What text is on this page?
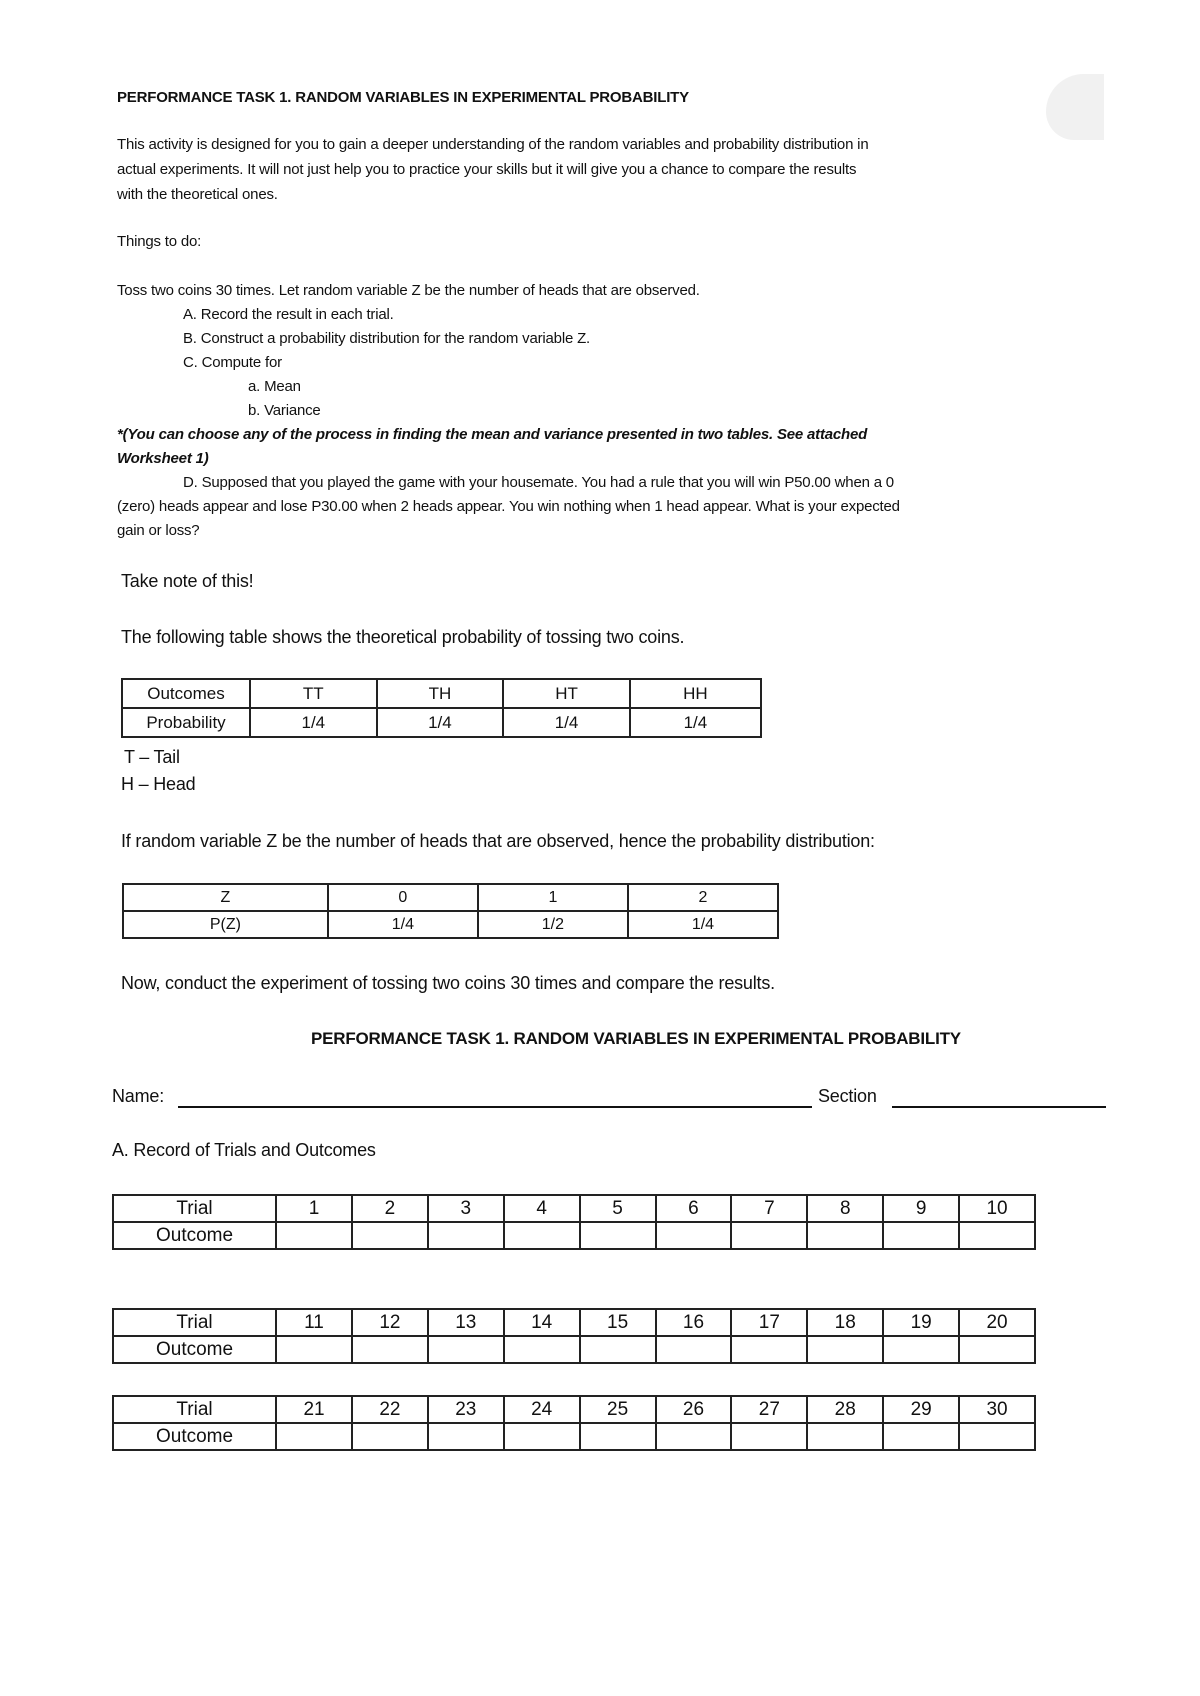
PERFORMANCE TASK 1. RANDOM VARIABLES IN EXPERIMENTAL PROBABILITY
This activity is designed for you to gain a deeper understanding of the random variables and probability distribution in
actual experiments. It will not just help you to practice your skills but it will give you a chance to compare the results
with the theoretical ones.
Things to do:
Toss two coins 30 times. Let random variable Z be the number of heads that are observed.
A. Record the result in each trial.
B. Construct a probability distribution for the random variable Z.
C. Compute for
a. Mean
b. Variance
*(You can choose any of the process in finding the mean and variance presented in two tables. See attached
Worksheet 1)
D. Supposed that you played the game with your housemate. You had a rule that you will win P50.00 when a 0
(zero) heads appear and lose P30.00 when 2 heads appear. You win nothing when 1 head appear. What is your expected
gain or loss?
Take note of this!
The following table shows the theoretical probability of tossing two coins.
Outcomes	TT	TH	HT	HH
Probability	1/4	1/4	1/4	1/4
T – Tail
H – Head
If random variable Z be the number of heads that are observed, hence the probability distribution:
Z	0	1	2
P(Z)	1/4	1/2	1/4
Now, conduct the experiment of tossing two coins 30 times and compare the results.
PERFORMANCE TASK 1. RANDOM VARIABLES IN EXPERIMENTAL PROBABILITY
Name:	Section
A. Record of Trials and Outcomes
Trial	1	2	3	4	5	6	7	8	9	10
Outcome										
Trial	11	12	13	14	15	16	17	18	19	20
Outcome										
Trial	21	22	23	24	25	26	27	28	29	30
Outcome										
